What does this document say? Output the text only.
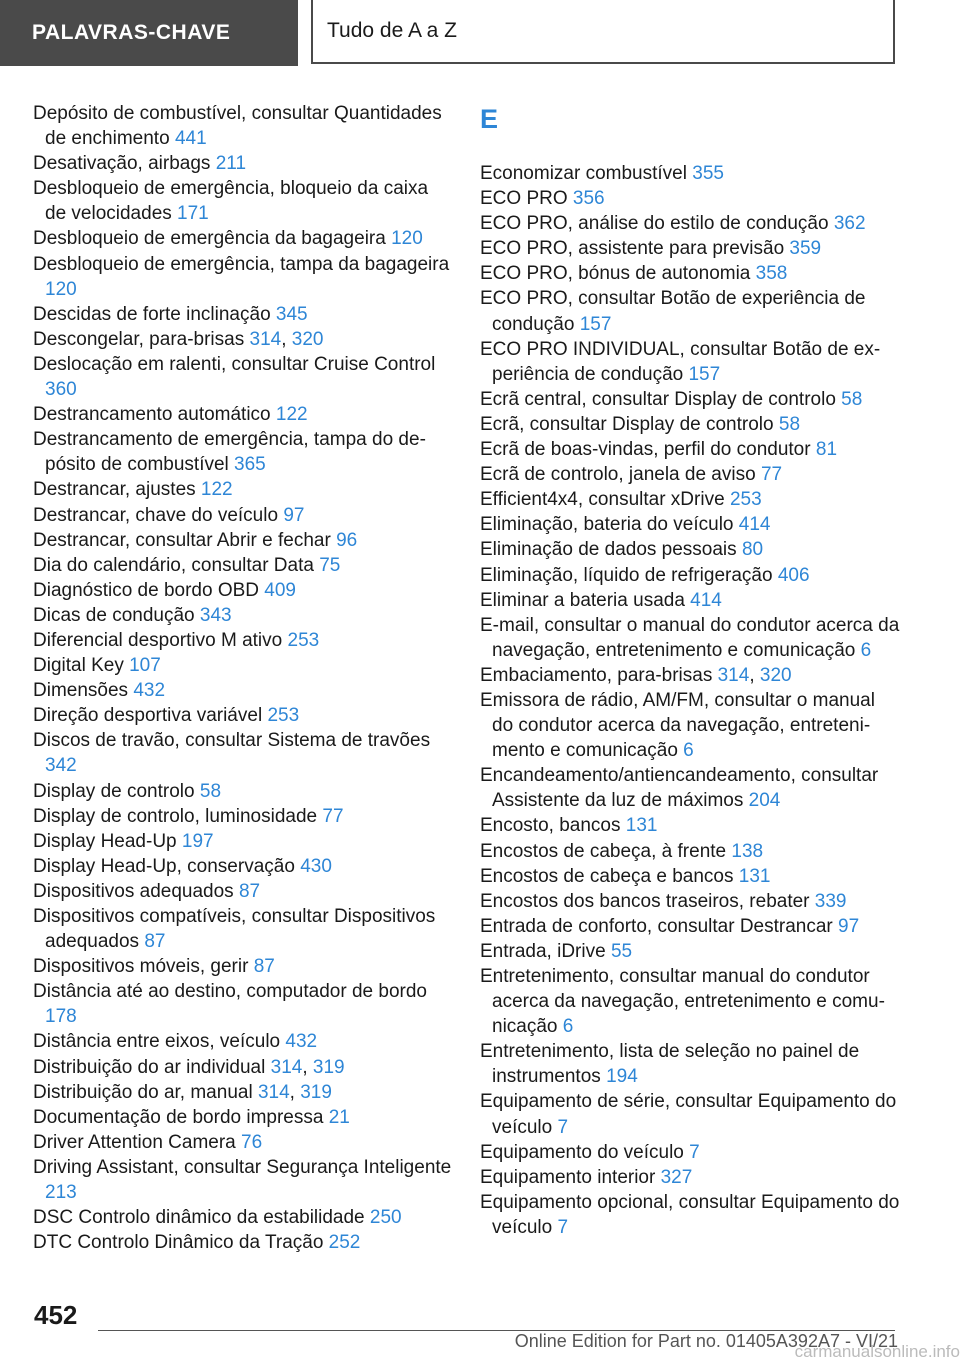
PALAVRAS-CHAVE	Tudo de A a Z
Depósito de combustível, consultar Quantidades de enchimento 441
Desativação, airbags 211
Desbloqueio de emergência, bloqueio da caixa de velocidades 171
Desbloqueio de emergência da bagageira 120
Desbloqueio de emergência, tampa da bagageira 120
Descidas de forte inclinação 345
Descongelar, para-brisas 314, 320
Deslocação em ralenti, consultar Cruise Control 360
Destrancamento automático 122
Destrancamento de emergência, tampa do depósito de combustível 365
Destrancar, ajustes 122
Destrancar, chave do veículo 97
Destrancar, consultar Abrir e fechar 96
Dia do calendário, consultar Data 75
Diagnóstico de bordo OBD 409
Dicas de condução 343
Diferencial desportivo M ativo 253
Digital Key 107
Dimensões 432
Direção desportiva variável 253
Discos de travão, consultar Sistema de travões 342
Display de controlo 58
Display de controlo, luminosidade 77
Display Head-Up 197
Display Head-Up, conservação 430
Dispositivos adequados 87
Dispositivos compatíveis, consultar Dispositivos adequados 87
Dispositivos móveis, gerir 87
Distância até ao destino, computador de bordo 178
Distância entre eixos, veículo 432
Distribuição do ar individual 314, 319
Distribuição do ar, manual 314, 319
Documentação de bordo impressa 21
Driver Attention Camera 76
Driving Assistant, consultar Segurança Inteligente 213
DSC Controlo dinâmico da estabilidade 250
DTC Controlo Dinâmico da Tração 252
E
Economizar combustível 355
ECO PRO 356
ECO PRO, análise do estilo de condução 362
ECO PRO, assistente para previsão 359
ECO PRO, bónus de autonomia 358
ECO PRO, consultar Botão de experiência de condução 157
ECO PRO INDIVIDUAL, consultar Botão de experiência de condução 157
Ecrã central, consultar Display de controlo 58
Ecrã, consultar Display de controlo 58
Ecrã de boas-vindas, perfil do condutor 81
Ecrã de controlo, janela de aviso 77
Efficient4x4, consultar xDrive 253
Eliminação, bateria do veículo 414
Eliminação de dados pessoais 80
Eliminação, líquido de refrigeração 406
Eliminar a bateria usada 414
E-mail, consultar o manual do condutor acerca da navegação, entretenimento e comunicação 6
Embaciamento, para-brisas 314, 320
Emissora de rádio, AM/FM, consultar o manual do condutor acerca da navegação, entretenimento e comunicação 6
Encandeamento/antiencandeamento, consultar Assistente da luz de máximos 204
Encosto, bancos 131
Encostos de cabeça, à frente 138
Encostos de cabeça e bancos 131
Encostos dos bancos traseiros, rebater 339
Entrada de conforto, consultar Destrancar 97
Entrada, iDrive 55
Entretenimento, consultar manual do condutor acerca da navegação, entretenimento e comunicação 6
Entretenimento, lista de seleção no painel de instrumentos 194
Equipamento de série, consultar Equipamento do veículo 7
Equipamento do veículo 7
Equipamento interior 327
Equipamento opcional, consultar Equipamento do veículo 7
452
Online Edition for Part no. 01405A392A7 - VI/21
carmanualsonline.info
